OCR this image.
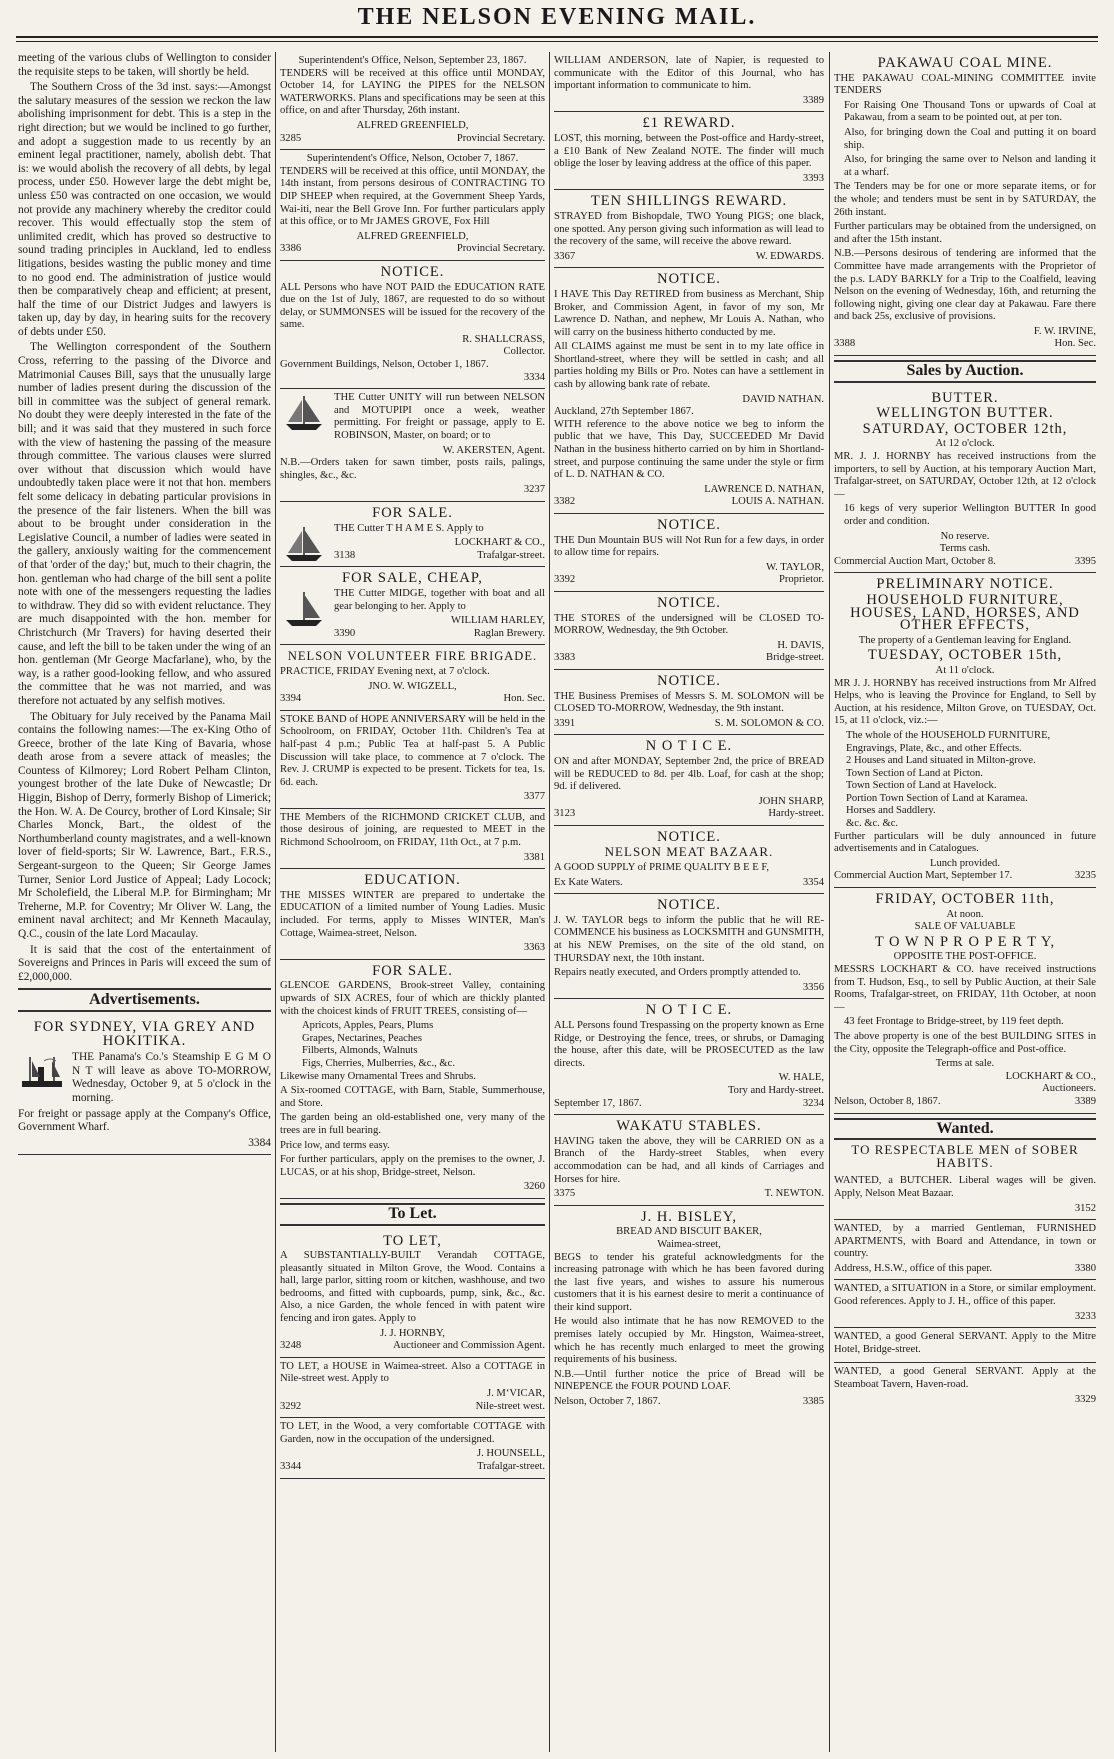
THE NELSON EVENING MAIL.

meeting of the various clubs of Wellington to consider the requisite steps to be taken, will shortly be held.

The Southern Cross of the 3d inst. says:—Amongst the salutary measures of the session we reckon the law abolishing imprisonment for debt. This is a step in the right direction; but we would be inclined to go further, and adopt a suggestion made to us recently by an eminent legal practitioner, namely, abolish debt. That is: we would abolish the recovery of all debts, by legal process, under £50. However large the debt might be, unless £50 was contracted on one occasion, we would not provide any machinery whereby the creditor could recover. This would effectually stop the stem of unlimited credit, which has proved so destructive to sound trading principles in Auckland, led to endless litigations, besides wasting the public money and time to no good end. The administration of justice would then be comparatively cheap and efficient; at present, half the time of our District Judges and lawyers is taken up, day by day, in hearing suits for the recovery of debts under £50.

The Wellington correspondent of the Southern Cross, referring to the passing of the Divorce and Matrimonial Causes Bill, says that the unusually large number of ladies present during the discussion of the bill in committee was the subject of general remark. No doubt they were deeply interested in the fate of the bill; and it was said that they mustered in such force with the view of hastening the passing of the measure through committee. The various clauses were slurred over without that discussion which would have undoubtedly taken place were it not that hon. members felt some delicacy in debating particular provisions in the presence of the fair listeners. When the bill was about to be brought under consideration in the Legislative Council, a number of ladies were seated in the gallery, anxiously waiting for the commencement of that 'order of the day;' but, much to their chagrin, the hon. gentleman who had charge of the bill sent a polite note with one of the messengers requesting the ladies to withdraw. They did so with evident reluctance. They are much disappointed with the hon. member for Christchurch (Mr Travers) for having deserted their cause, and left the bill to be taken under the wing of an hon. gentleman (Mr George Macfarlane), who, by the way, is a rather good-looking fellow, and who assured the committee that he was not married, and was therefore not actuated by any selfish motives.

The Obituary for July received by the Panama Mail contains the following names:—The ex-King Otho of Greece, brother of the late King of Bavaria, whose death arose from a severe attack of measles; the Countess of Kilmorey; Lord Robert Pelham Clinton, youngest brother of the late Duke of Newcastle; Dr Higgin, Bishop of Derry, formerly Bishop of Limerick; the Hon. W. A. De Courcy, brother of Lord Kinsale; Sir Charles Monck, Bart., the oldest of the Northumberland county magistrates, and a well-known lover of field-sports; Sir W. Lawrence, Bart., F.R.S., Sergeant-surgeon to the Queen; Sir George James Turner, Senior Lord Justice of Appeal; Lady Locock; Mr Scholefield, the Liberal M.P. for Birmingham; Mr Treherne, M.P. for Coventry; Mr Oliver W. Lang, the eminent naval architect; and Mr Kenneth Macaulay, Q.C., cousin of the late Lord Macaulay.

It is said that the cost of the entertainment of Sovereigns and Princes in Paris will exceed the sum of £2,000,000.

Advertisements.
FOR SYDNEY, VIA GREY AND HOKITIKA.

THE Panama's Co.'s Steamship E G M O N T will leave as above TO-MORROW, Wednesday, October 9, at 5 o'clock in the morning.

For freight or passage apply at the Company's Office, Government Wharf.

3384
Superintendent's Office, Nelson, September 23, 1867.

TENDERS will be received at this office until MONDAY, October 14, for LAYING the PIPES for the NELSON WATERWORKS. Plans and specifications may be seen at this office, on and after Thursday, 26th instant.

ALFRED GREENFIELD,
3285	Provincial Secretary.
Superintendent's Office, Nelson, October 7, 1867.

TENDERS will be received at this office, until MONDAY, the 14th instant, from persons desirous of CONTRACTING TO DIP SHEEP when required, at the Government Sheep Yards, Wai-iti, near the Bell Grove Inn. For further particulars apply at this office, or to Mr JAMES GROVE, Fox Hill

ALFRED GREENFIELD,
3386	Provincial Secretary.
NOTICE.

ALL Persons who have NOT PAID the EDUCATION RATE due on the 1st of July, 1867, are requested to do so without delay, or SUMMONSES will be issued for the recovery of the same.

R. SHALLCRASS,
Collector.
Government Buildings, Nelson, October 1, 1867.
3334

THE Cutter UNITY will run between NELSON and MOTUPIPI once a week, weather permitting. For freight or passage, apply to E. ROBINSON, Master, on board; or to

W. AKERSTEN, Agent.

N.B.—Orders taken for sawn timber, posts rails, palings, shingles, &c., &c.

3237
FOR SALE.

THE Cutter T H A M E S. Apply to

LOCKHART & CO.,
3138	Trafalgar-street.
FOR SALE, CHEAP,

THE Cutter MIDGE, together with boat and all gear belonging to her. Apply to

WILLIAM HARLEY,
3390	Raglan Brewery.
NELSON VOLUNTEER FIRE BRIGADE.

PRACTICE, FRIDAY Evening next, at 7 o'clock.

JNO. W. WIGZELL,
3394	Hon. Sec.

STOKE BAND of HOPE ANNIVERSARY will be held in the Schoolroom, on FRIDAY, October 11th. Children's Tea at half-past 4 p.m.; Public Tea at half-past 5. A Public Discussion will take place, to commence at 7 o'clock. The Rev. J. CRUMP is expected to be present. Tickets for tea, 1s. 6d. each.

3377

THE Members of the RICHMOND CRICKET CLUB, and those desirous of joining, are requested to MEET in the Richmond Schoolroom, on FRIDAY, 11th Oct., at 7 p.m.

3381
EDUCATION.

THE MISSES WINTER are prepared to undertake the EDUCATION of a limited number of Young Ladies. Music included. For terms, apply to Misses WINTER, Man's Cottage, Waimea-street, Nelson.

3363
FOR SALE.

GLENCOE GARDENS, Brook-street Valley, containing upwards of SIX ACRES, four of which are thickly planted with the choicest kinds of FRUIT TREES, consisting of—

Apricots, Apples, Pears, Plums
Grapes, Nectarines, Peaches
Filberts, Almonds, Walnuts
Figs, Cherries, Mulberries, &c., &c.

Likewise many Ornamental Trees and Shrubs.

A Six-roomed COTTAGE, with Barn, Stable, Summerhouse, and Store.

The garden being an old-established one, very many of the trees are in full bearing.

Price low, and terms easy.

For further particulars, apply on the premises to the owner, J. LUCAS, or at his shop, Bridge-street, Nelson.

3260
To Let.
TO LET,

A SUBSTANTIALLY-BUILT Verandah COTTAGE, pleasantly situated in Milton Grove, the Wood. Contains a hall, large parlor, sitting room or kitchen, washhouse, and two bedrooms, and fitted with cupboards, pump, sink, &c., &c. Also, a nice Garden, the whole fenced in with patent wire fencing and iron gates. Apply to

J. J. HORNBY,
3248	Auctioneer and Commission Agent.

TO LET, a HOUSE in Waimea-street. Also a COTTAGE in Nile-street west. Apply to

J. MʻVICAR,
3292	Nile-street west.

TO LET, in the Wood, a very comfortable COTTAGE with Garden, now in the occupation of the undersigned.

J. HOUNSELL,
3344	Trafalgar-street.

WILLIAM ANDERSON, late of Napier, is requested to communicate with the Editor of this Journal, who has important information to communicate to him.

3389
£1 REWARD.

LOST, this morning, between the Post-office and Hardy-street, a £10 Bank of New Zealand NOTE. The finder will much oblige the loser by leaving address at the office of this paper.

3393
TEN SHILLINGS REWARD.

STRAYED from Bishopdale, TWO Young PIGS; one black, one spotted. Any person giving such information as will lead to the recovery of the same, will receive the above reward.

3367	W. EDWARDS.
NOTICE.

I HAVE This Day RETIRED from business as Merchant, Ship Broker, and Commission Agent, in favor of my son, Mr Lawrence D. Nathan, and nephew, Mr Louis A. Nathan, who will carry on the business hitherto conducted by me.

All CLAIMS against me must be sent in to my late office in Shortland-street, where they will be settled in cash; and all parties holding my Bills or Pro. Notes can have a settlement in cash by allowing bank rate of rebate.

DAVID NATHAN.
Auckland, 27th September 1867.

WITH reference to the above notice we beg to inform the public that we have, This Day, SUCCEEDED Mr David Nathan in the business hitherto carried on by him in Shortland-street, and purpose continuing the same under the style or firm of L. D. NATHAN & CO.

LAWRENCE D. NATHAN,
3382	LOUIS A. NATHAN.
NOTICE.

THE Dun Mountain BUS will Not Run for a few days, in order to allow time for repairs.

W. TAYLOR,
3392	Proprietor.
NOTICE.

THE STORES of the undersigned will be CLOSED TO-MORROW, Wednesday, the 9th October.

H. DAVIS,
3383	Bridge-street.
NOTICE.

THE Business Premises of Messrs S. M. SOLOMON will be CLOSED TO-MORROW, Wednesday, the 9th instant.

3391	S. M. SOLOMON & CO.
N O T I C E.

ON and after MONDAY, September 2nd, the price of BREAD will be REDUCED to 8d. per 4lb. Loaf, for cash at the shop; 9d. if delivered.

JOHN SHARP,
3123	Hardy-street.
NOTICE.
NELSON MEAT BAZAAR.

A GOOD SUPPLY of PRIME QUALITY B E E F,

Ex Kate Waters.	3354
NOTICE.

J. W. TAYLOR begs to inform the public that he will RE-COMMENCE his business as LOCKSMITH and GUNSMITH, at his NEW Premises, on the site of the old stand, on THURSDAY next, the 10th instant.

Repairs neatly executed, and Orders promptly attended to.

3356
N O T I C E.

ALL Persons found Trespassing on the property known as Erne Ridge, or Destroying the fence, trees, or shrubs, or Damaging the house, after this date, will be PROSECUTED as the law directs.

W. HALE,
Tory and Hardy-street.
September 17, 1867.	3234
WAKATU STABLES.

HAVING taken the above, they will be CARRIED ON as a Branch of the Hardy-street Stables, when every accommodation can be had, and all kinds of Carriages and Horses for hire.

3375	T. NEWTON.
J. H. BISLEY,
BREAD AND BISCUIT BAKER,
Waimea-street,

BEGS to tender his grateful acknowledgments for the increasing patronage with which he has been favored during the last five years, and wishes to assure his numerous customers that it is his earnest desire to merit a continuance of their kind support.

He would also intimate that he has now REMOVED to the premises lately occupied by Mr. Hingston, Waimea-street, which he has recently much enlarged to meet the growing requirements of his business.

N.B.—Until further notice the price of Bread will be NINEPENCE the FOUR POUND LOAF.

Nelson, October 7, 1867.	3385
PAKAWAU COAL MINE.

THE PAKAWAU COAL-MINING COMMITTEE invite TENDERS

For Raising One Thousand Tons or upwards of Coal at Pakawau, from a seam to be pointed out, at per ton.

Also, for bringing down the Coal and putting it on board ship.

Also, for bringing the same over to Nelson and landing it at a wharf.

The Tenders may be for one or more separate items, or for the whole; and tenders must be sent in by SATURDAY, the 26th instant.

Further particulars may be obtained from the undersigned, on and after the 15th instant.

N.B.—Persons desirous of tendering are informed that the Committee have made arrangements with the Proprietor of the p.s. LADY BARKLY for a Trip to the Coalfield, leaving Nelson on the evening of Wednesday, 16th, and returning the following night, giving one clear day at Pakawau. Fare there and back 25s, exclusive of provisions.

F. W. IRVINE,
3388	Hon. Sec.
Sales by Auction.
BUTTER.
WELLINGTON BUTTER.
SATURDAY, OCTOBER 12th,
At 12 o'clock.

MR. J. J. HORNBY has received instructions from the importers, to sell by Auction, at his temporary Auction Mart, Trafalgar-street, on SATURDAY, October 12th, at 12 o'clock—

16 kegs of very superior Wellington BUTTER In good order and condition.

No reserve.
Terms cash.
Commercial Auction Mart, October 8.	3395
PRELIMINARY NOTICE.
HOUSEHOLD FURNITURE, HOUSES, LAND, HORSES, AND OTHER EFFECTS,
The property of a Gentleman leaving for England.
TUESDAY, OCTOBER 15th,
At 11 o'clock.

MR J. J. HORNBY has received instructions from Mr Alfred Helps, who is leaving the Province for England, to Sell by Auction, at his residence, Milton Grove, on TUESDAY, Oct. 15, at 11 o'clock, viz.:—

The whole of the HOUSEHOLD FURNITURE, Engravings, Plate, &c., and other Effects.
2 Houses and Land situated in Milton-grove.
Town Section of Land at Picton.
Town Section of Land at Havelock.
Portion Town Section of Land at Karamea.
Horses and Saddlery.
&c. &c. &c.

Further particulars will be duly announced in future advertisements and in Catalogues.

Lunch provided.
Commercial Auction Mart, September 17.	3235
FRIDAY, OCTOBER 11th,
At noon.
SALE OF VALUABLE
T O W N P R O P E R T Y,
OPPOSITE THE POST-OFFICE.

MESSRS LOCKHART & CO. have received instructions from T. Hudson, Esq., to sell by Public Auction, at their Sale Rooms, Trafalgar-street, on FRIDAY, 11th October, at noon—

43 feet Frontage to Bridge-street, by 119 feet depth.

The above property is one of the best BUILDING SITES in the City, opposite the Telegraph-office and Post-office.

Terms at sale.
LOCKHART & CO.,
Auctioneers.
Nelson, October 8, 1867.	3389
Wanted.
TO RESPECTABLE MEN of SOBER HABITS.

WANTED, a BUTCHER. Liberal wages will be given. Apply, Nelson Meat Bazaar.

3152

WANTED, by a married Gentleman, FURNISHED APARTMENTS, with Board and Attendance, in town or country.

Address, H.S.W., office of this paper.	3380

WANTED, a SITUATION in a Store, or similar employment. Good references. Apply to J. H., office of this paper.

3233

WANTED, a good General SERVANT. Apply to the Mitre Hotel, Bridge-street.

WANTED, a good General SERVANT. Apply at the Steamboat Tavern, Haven-road.

3329
